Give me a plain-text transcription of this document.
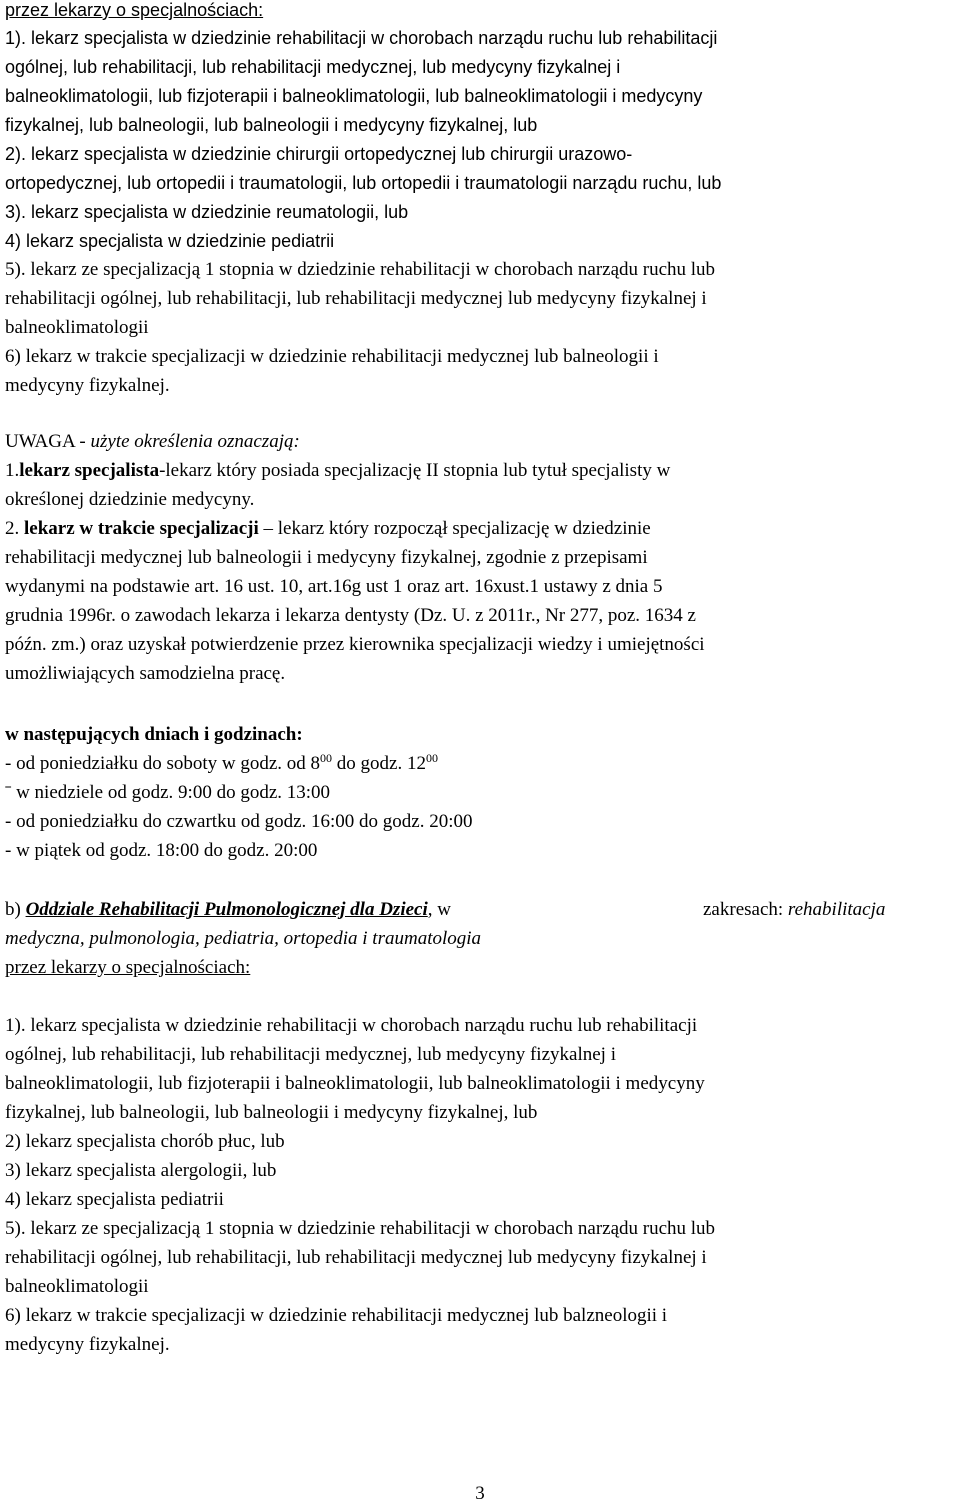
przez lekarzy o specjalnościach:
1). lekarz specjalista w dziedzinie rehabilitacji w chorobach narządu ruchu lub rehabilitacji
ogólnej, lub rehabilitacji, lub rehabilitacji medycznej, lub medycyny fizykalnej i
balneoklimatologii, lub fizjoterapii i balneoklimatologii, lub balneoklimatologii i medycyny
fizykalnej, lub balneologii, lub balneologii i medycyny fizykalnej, lub
2). lekarz specjalista w dziedzinie chirurgii ortopedycznej lub chirurgii urazowo-
ortopedycznej, lub ortopedii i traumatologii, lub ortopedii i traumatologii narządu ruchu, lub
3). lekarz specjalista w dziedzinie reumatologii, lub
4) lekarz specjalista w dziedzinie pediatrii
5). lekarz ze specjalizacją 1 stopnia w dziedzinie rehabilitacji w chorobach narządu ruchu lub
rehabilitacji ogólnej, lub rehabilitacji, lub rehabilitacji medycznej lub medycyny fizykalnej i
balneoklimatologii
6) lekarz w trakcie specjalizacji w dziedzinie rehabilitacji medycznej lub balneologii i
medycyny fizykalnej.
UWAGA - użyte określenia oznaczają:
1.lekarz specjalista-lekarz który posiada specjalizację II stopnia lub tytuł specjalisty w
określonej dziedzinie medycyny.
2. lekarz w trakcie specjalizacji – lekarz który rozpoczął specjalizację w dziedzinie
rehabilitacji medycznej lub balneologii i medycyny fizykalnej, zgodnie z przepisami
wydanymi na podstawie art. 16 ust. 10, art.16g ust 1 oraz art. 16xust.1 ustawy z dnia 5
grudnia 1996r. o zawodach lekarza i lekarza dentysty (Dz. U. z 2011r., Nr 277, poz. 1634 z
późn. zm.) oraz uzyskał potwierdzenie przez kierownika specjalizacji wiedzy i umiejętności
umożliwiających samodzielna pracę.
w następujących dniach i godzinach:
- od poniedziałku do soboty w godz. od $8^{00}$ do godz. $12^{00}$
ˉ w niedziele od godz. 9:00 do godz. 13:00
- od poniedziałku do czwartku od godz. 16:00 do godz. 20:00
- w piątek od godz. 18:00 do godz. 20:00
b) Oddziale Rehabilitacji Pulmonologicznej dla Dzieci, w	zakresach: rehabilitacja
medyczna, pulmonologia, pediatria, ortopedia i traumatologia
przez lekarzy o specjalnościach:
1). lekarz specjalista w dziedzinie rehabilitacji w chorobach narządu ruchu lub rehabilitacji
ogólnej, lub rehabilitacji, lub rehabilitacji medycznej, lub medycyny fizykalnej i
balneoklimatologii, lub fizjoterapii i balneoklimatologii, lub balneoklimatologii i medycyny
fizykalnej, lub balneologii, lub balneologii i medycyny fizykalnej, lub
2) lekarz specjalista chorób płuc, lub
3) lekarz specjalista alergologii, lub
4) lekarz specjalista pediatrii
5). lekarz ze specjalizacją 1 stopnia w dziedzinie rehabilitacji w chorobach narządu ruchu lub
rehabilitacji ogólnej, lub rehabilitacji, lub rehabilitacji medycznej lub medycyny fizykalnej i
balneoklimatologii
6) lekarz w trakcie specjalizacji w dziedzinie rehabilitacji medycznej lub balzneologii i
medycyny fizykalnej.
3
